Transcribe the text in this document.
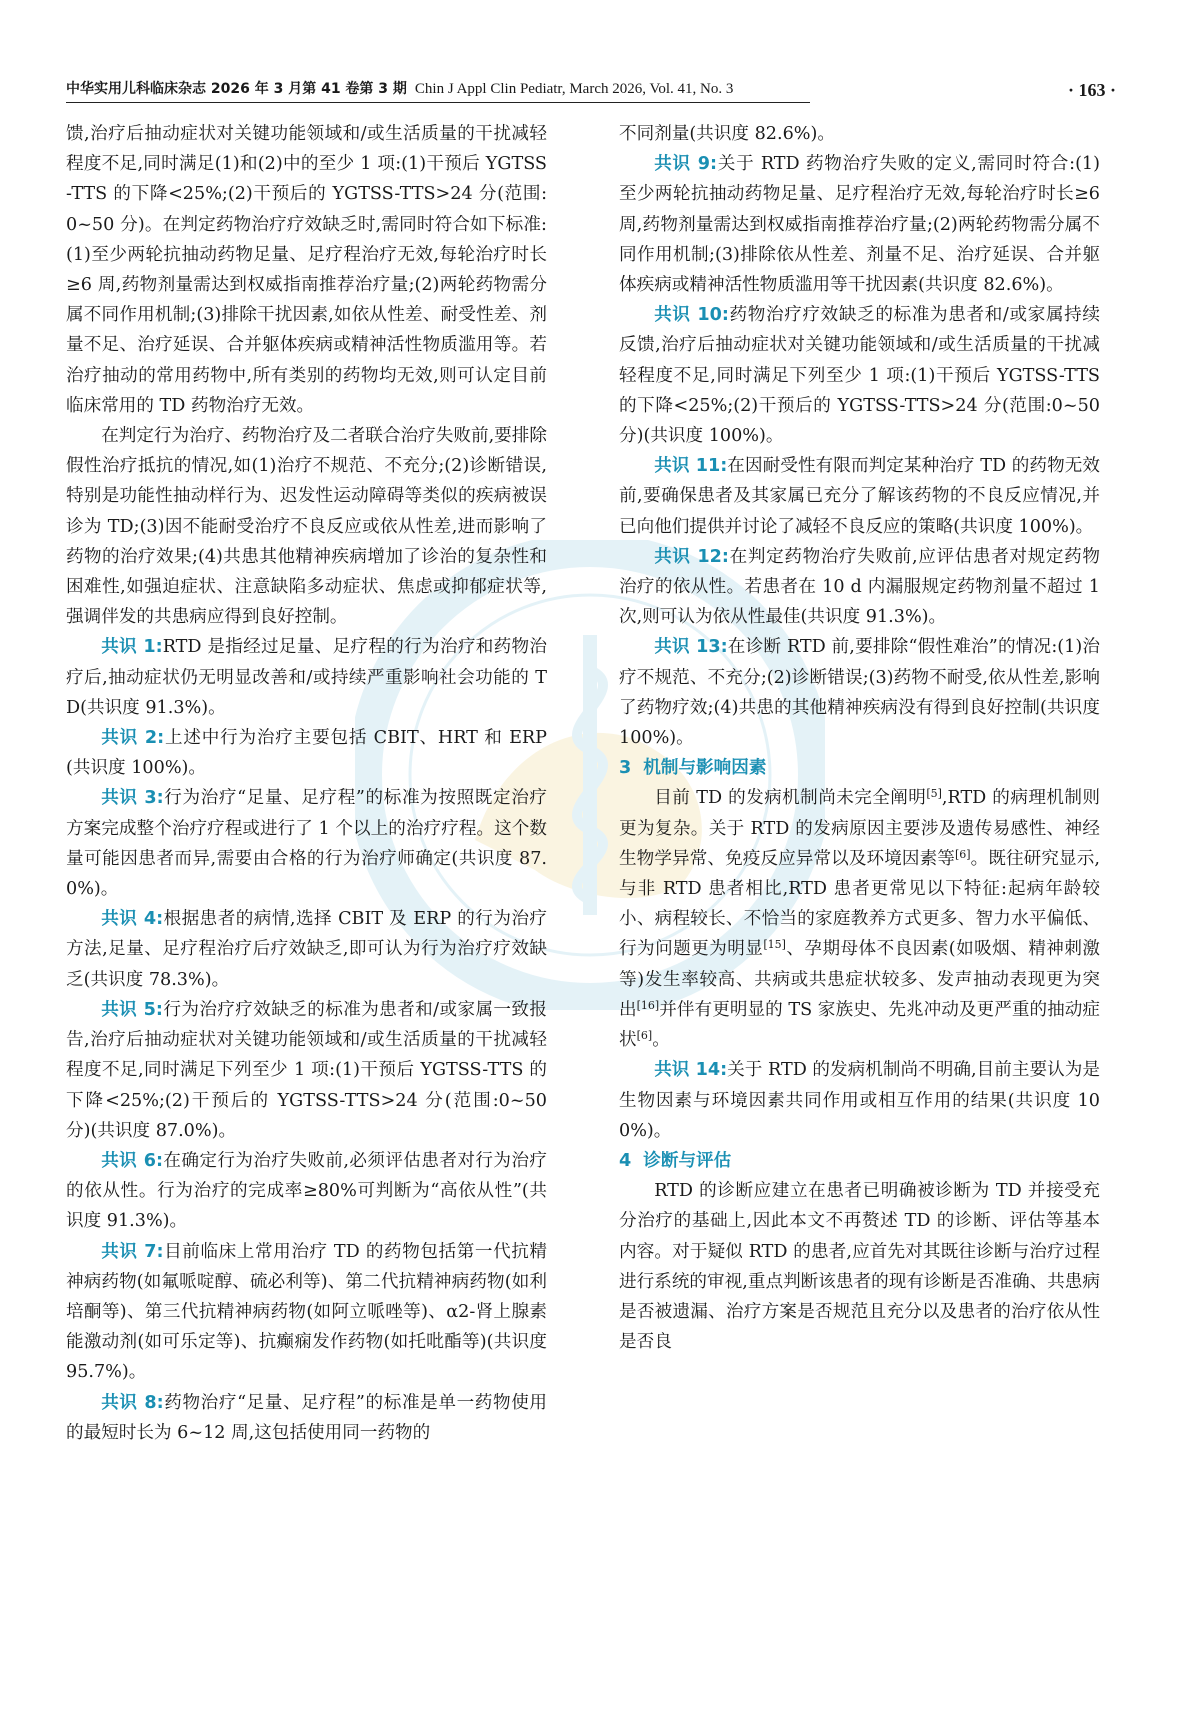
中华实用儿科临床杂志 2026 年 3 月第 41 卷第 3 期 Chin J Appl Clin Pediatr, March 2026, Vol. 41, No. 3	· 163 ·

馈,治疗后抽动症状对关键功能领域和/或生活质量的干扰减轻程度不足,同时满足(1)和(2)中的至少 1 项:(1)干预后 YGTSS-TTS 的下降<25%;(2)干预后的 YGTSS-TTS>24 分(范围:0~50 分)。在判定药物治疗疗效缺乏时,需同时符合如下标准:(1)至少两轮抗抽动药物足量、足疗程治疗无效,每轮治疗时长≥6 周,药物剂量需达到权威指南推荐治疗量;(2)两轮药物需分属不同作用机制;(3)排除干扰因素,如依从性差、耐受性差、剂量不足、治疗延误、合并躯体疾病或精神活性物质滥用等。若治疗抽动的常用药物中,所有类别的药物均无效,则可认定目前临床常用的 TD 药物治疗无效。

在判定行为治疗、药物治疗及二者联合治疗失败前,要排除假性治疗抵抗的情况,如(1)治疗不规范、不充分;(2)诊断错误,特别是功能性抽动样行为、迟发性运动障碍等类似的疾病被误诊为 TD;(3)因不能耐受治疗不良反应或依从性差,进而影响了药物的治疗效果;(4)共患其他精神疾病增加了诊治的复杂性和困难性,如强迫症状、注意缺陷多动症状、焦虑或抑郁症状等,强调伴发的共患病应得到良好控制。

共识 1:RTD 是指经过足量、足疗程的行为治疗和药物治疗后,抽动症状仍无明显改善和/或持续严重影响社会功能的 TD(共识度 91.3%)。

共识 2:上述中行为治疗主要包括 CBIT、HRT 和 ERP(共识度 100%)。

共识 3:行为治疗“足量、足疗程”的标准为按照既定治疗方案完成整个治疗疗程或进行了 1 个以上的治疗疗程。这个数量可能因患者而异,需要由合格的行为治疗师确定(共识度 87.0%)。

共识 4:根据患者的病情,选择 CBIT 及 ERP 的行为治疗方法,足量、足疗程治疗后疗效缺乏,即可认为行为治疗疗效缺乏(共识度 78.3%)。

共识 5:行为治疗疗效缺乏的标准为患者和/或家属一致报告,治疗后抽动症状对关键功能领域和/或生活质量的干扰减轻程度不足,同时满足下列至少 1 项:(1)干预后 YGTSS-TTS 的下降<25%;(2)干预后的 YGTSS-TTS>24 分(范围:0~50 分)(共识度 87.0%)。

共识 6:在确定行为治疗失败前,必须评估患者对行为治疗的依从性。行为治疗的完成率≥80%可判断为“高依从性”(共识度 91.3%)。

共识 7:目前临床上常用治疗 TD 的药物包括第一代抗精神病药物(如氟哌啶醇、硫必利等)、第二代抗精神病药物(如利培酮等)、第三代抗精神病药物(如阿立哌唑等)、α2-肾上腺素能激动剂(如可乐定等)、抗癫痫发作药物(如托吡酯等)(共识度 95.7%)。

共识 8:药物治疗“足量、足疗程”的标准是单一药物使用的最短时长为 6~12 周,这包括使用同一药物的

不同剂量(共识度 82.6%)。

共识 9:关于 RTD 药物治疗失败的定义,需同时符合:(1)至少两轮抗抽动药物足量、足疗程治疗无效,每轮治疗时长≥6 周,药物剂量需达到权威指南推荐治疗量;(2)两轮药物需分属不同作用机制;(3)排除依从性差、剂量不足、治疗延误、合并躯体疾病或精神活性物质滥用等干扰因素(共识度 82.6%)。

共识 10:药物治疗疗效缺乏的标准为患者和/或家属持续反馈,治疗后抽动症状对关键功能领域和/或生活质量的干扰减轻程度不足,同时满足下列至少 1 项:(1)干预后 YGTSS-TTS 的下降<25%;(2)干预后的 YGTSS-TTS>24 分(范围:0~50 分)(共识度 100%)。

共识 11:在因耐受性有限而判定某种治疗 TD 的药物无效前,要确保患者及其家属已充分了解该药物的不良反应情况,并已向他们提供并讨论了减轻不良反应的策略(共识度 100%)。

共识 12:在判定药物治疗失败前,应评估患者对规定药物治疗的依从性。若患者在 10 d 内漏服规定药物剂量不超过 1 次,则可认为依从性最佳(共识度 91.3%)。

共识 13:在诊断 RTD 前,要排除“假性难治”的情况:(1)治疗不规范、不充分;(2)诊断错误;(3)药物不耐受,依从性差,影响了药物疗效;(4)共患的其他精神疾病没有得到良好控制(共识度 100%)。

3 机制与影响因素

目前 TD 的发病机制尚未完全阐明[5],RTD 的病理机制则更为复杂。关于 RTD 的发病原因主要涉及遗传易感性、神经生物学异常、免疫反应异常以及环境因素等[6]。既往研究显示,与非 RTD 患者相比,RTD 患者更常见以下特征:起病年龄较小、病程较长、不恰当的家庭教养方式更多、智力水平偏低、行为问题更为明显[15]、孕期母体不良因素(如吸烟、精神刺激等)发生率较高、共病或共患症状较多、发声抽动表现更为突出[16]并伴有更明显的 TS 家族史、先兆冲动及更严重的抽动症状[6]。

共识 14:关于 RTD 的发病机制尚不明确,目前主要认为是生物因素与环境因素共同作用或相互作用的结果(共识度 100%)。

4 诊断与评估

RTD 的诊断应建立在患者已明确被诊断为 TD 并接受充分治疗的基础上,因此本文不再赘述 TD 的诊断、评估等基本内容。对于疑似 RTD 的患者,应首先对其既往诊断与治疗过程进行系统的审视,重点判断该患者的现有诊断是否准确、共患病是否被遗漏、治疗方案是否规范且充分以及患者的治疗依从性是否良
